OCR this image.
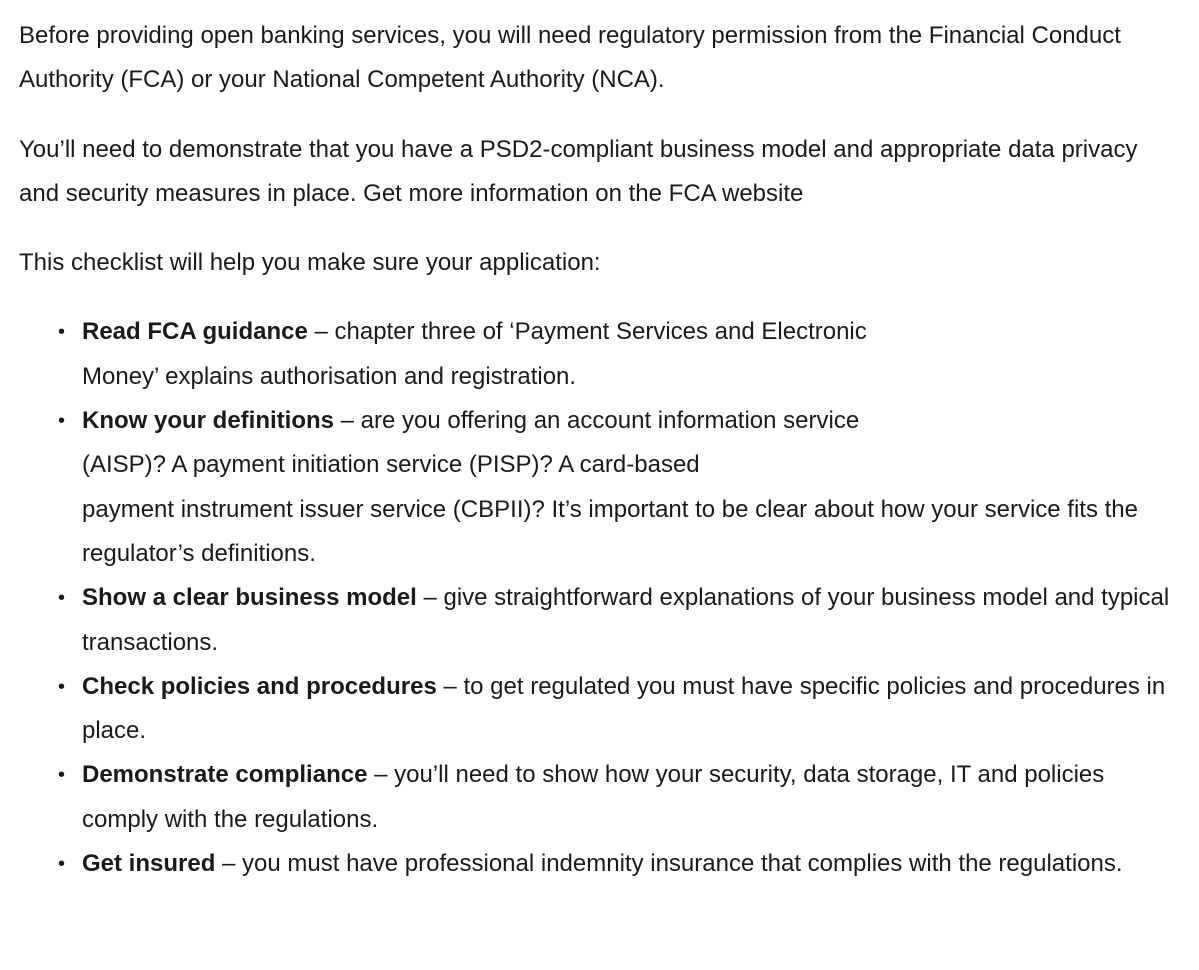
Before providing open banking services, you will need regulatory permission from the Financial Conduct Authority (FCA) or your National Competent Authority (NCA).

You’ll need to demonstrate that you have a PSD2-compliant business model and appropriate data privacy and security measures in place. Get more information on the FCA website

This checklist will help you make sure your application:

• Read FCA guidance – chapter three of ‘Payment Services and Electronic
Money’ explains authorisation and registration.
• Know your definitions – are you offering an account information service
(AISP)? A payment initiation service (PISP)? A card-based
payment instrument issuer service (CBPII)? It’s important to be clear about how your service fits the regulator’s definitions.
• Show a clear business model – give straightforward explanations of your business model and typical transactions.
• Check policies and procedures – to get regulated you must have specific policies and procedures in place.
• Demonstrate compliance – you’ll need to show how your security, data storage, IT and policies comply with the regulations.
• Get insured – you must have professional indemnity insurance that complies with the regulations.
